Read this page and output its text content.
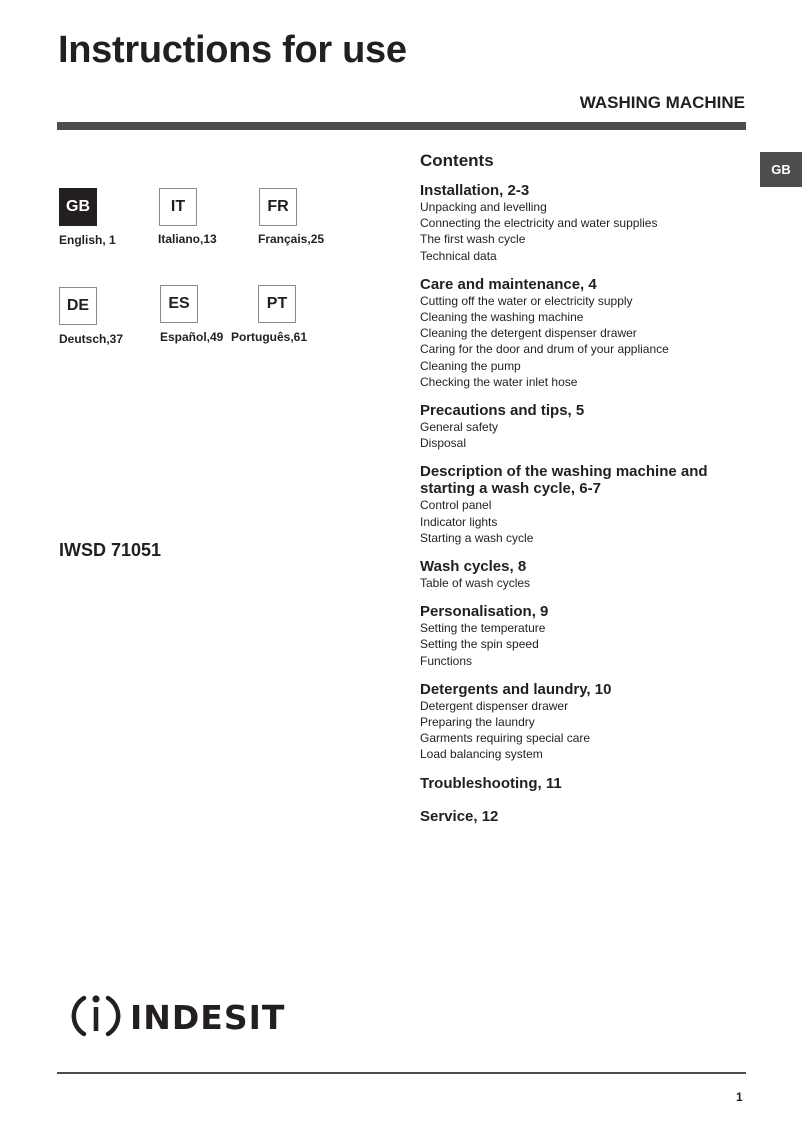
Instructions for use
WASHING MACHINE
GB
GB
English, 1
IT
Italiano,13
FR
Français,25
DE
Deutsch,37
ES
Español,49
PT
Português,61
IWSD 71051
Contents
Installation, 2-3
Unpacking and levelling
Connecting the electricity and water supplies
The first wash cycle
Technical data
Care and maintenance, 4
Cutting off the water or electricity supply
Cleaning the washing machine
Cleaning the detergent dispenser drawer
Caring for the door and drum of your appliance
Cleaning the pump
Checking the water inlet hose
Precautions and tips, 5
General safety
Disposal
Description of the washing machine and starting a wash cycle, 6-7
Control panel
Indicator lights
Starting a wash cycle
Wash cycles, 8
Table of wash cycles
Personalisation, 9
Setting the temperature
Setting the spin speed
Functions
Detergents and laundry, 10
Detergent dispenser drawer
Preparing the laundry
Garments requiring special care
Load balancing system
Troubleshooting, 11
Service, 12
INDESIT
1
